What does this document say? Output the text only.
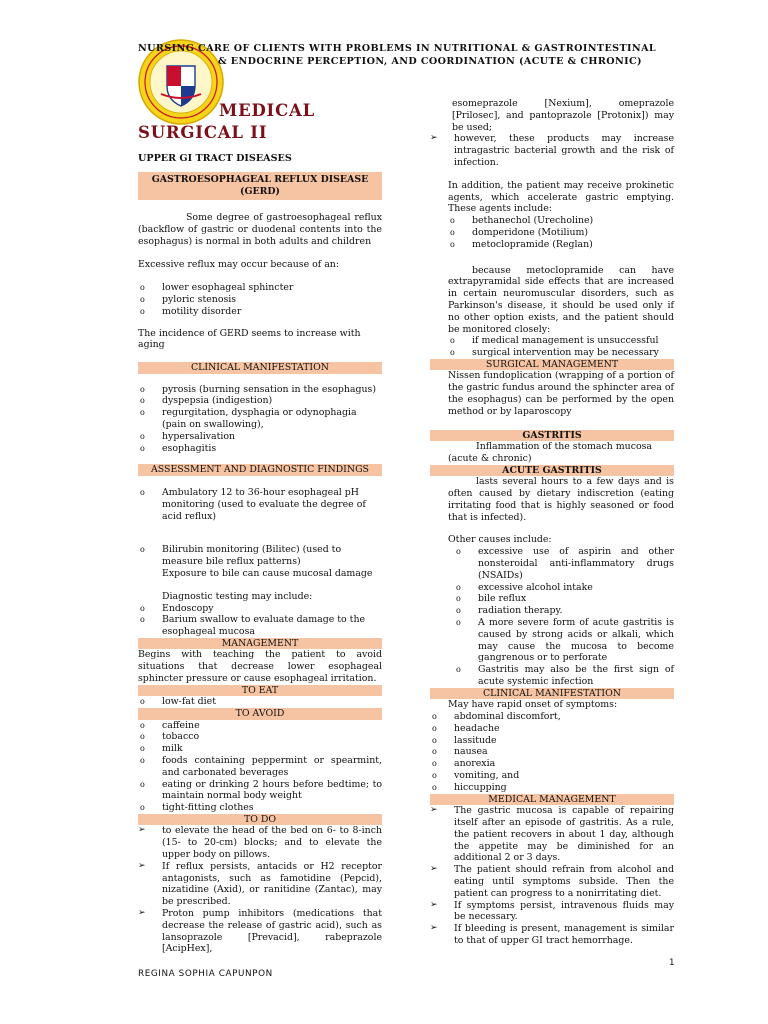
NURSING CARE OF CLIENTS WITH PROBLEMS IN NUTRITIONAL & GASTROINTESTINAL
& ENDOCRINE PERCEPTION, AND COORDINATION (ACUTE & CHRONIC)
MEDICAL
SURGICAL II
UPPER GI TRACT DISEASES
GASTROESOPHAGEAL REFLUX DISEASE (GERD)

Some degree of gastroesophageal reflux (backflow of gastric or duodenal contents into the esophagus) is normal in both adults and children

Excessive reflux may occur because of an:

o lower esophageal sphincter
o pyloric stenosis
o motility disorder

The incidence of GERD seems to increase with aging

CLINICAL MANIFESTATION
o pyrosis (burning sensation in the esophagus)
o dyspepsia (indigestion)
o regurgitation, dysphagia or odynophagia (pain on swallowing),
o hypersalivation
o esophagitis
ASSESSMENT AND DIAGNOSTIC FINDINGS
o Ambulatory 12 to 36-hour esophageal pH monitoring (used to evaluate the degree of acid reflux)
o Bilirubin monitoring (Bilitec) (used to measure bile reflux patterns)
Exposure to bile can cause mucosal damage

Diagnostic testing may include:

o Endoscopy
o Barium swallow to evaluate damage to the esophageal mucosa
MANAGEMENT

Begins with teaching the patient to avoid situations that decrease lower esophageal sphincter pressure or cause esophageal irritation.

TO EAT
o low-fat diet
TO AVOID
o caffeine
o tobacco
o milk
o foods containing peppermint or spearmint, and carbonated beverages
o eating or drinking 2 hours before bedtime; to maintain normal body weight
o tight-fitting clothes
TO DO
➢ to elevate the head of the bed on 6- to 8-inch (15- to 20-cm) blocks; and to elevate the upper body on pillows.
➢ If reflux persists, antacids or H2 receptor antagonists, such as famotidine (Pepcid), nizatidine (Axid), or ranitidine (Zantac), may be prescribed.
➢ Proton pump inhibitors (medications that decrease the release of gastric acid), such as lansoprazole [Prevacid], rabeprazole [AcipHex],

esomeprazole [Nexium], omeprazole [Prilosec], and pantoprazole [Protonix]) may be used;

➢ however, these products may increase intragastric bacterial growth and the risk of infection.

In addition, the patient may receive prokinetic agents, which accelerate gastric emptying. These agents include:

o bethanechol (Urecholine)
o domperidone (Motilium)
o metoclopramide (Reglan)

because metoclopramide can have extrapyramidal side effects that are increased in certain neuromuscular disorders, such as Parkinson's disease, it should be used only if no other option exists, and the patient should be monitored closely:

o if medical management is unsuccessful
o surgical intervention may be necessary
SURGICAL MANAGEMENT

Nissen fundoplication (wrapping of a portion of the gastric fundus around the sphincter area of the esophagus) can be performed by the open method or by laparoscopy

GASTRITIS

Inflammation of the stomach mucosa

(acute & chronic)

ACUTE GASTRITIS

lasts several hours to a few days and is often caused by dietary indiscretion (eating irritating food that is highly seasoned or food that is infected).

Other causes include:

o excessive use of aspirin and other nonsteroidal anti-inflammatory drugs (NSAIDs)
o excessive alcohol intake
o bile reflux
o radiation therapy.
o A more severe form of acute gastritis is caused by strong acids or alkali, which may cause the mucosa to become gangrenous or to perforate
o Gastritis may also be the first sign of acute systemic infection
CLINICAL MANIFESTATION

May have rapid onset of symptoms:

o abdominal discomfort,
o headache
o lassitude
o nausea
o anorexia
o vomiting, and
o hiccupping
MEDICAL MANAGEMENT
➢ The gastric mucosa is capable of repairing itself after an episode of gastritis. As a rule, the patient recovers in about 1 day, although the appetite may be diminished for an additional 2 or 3 days.
➢ The patient should refrain from alcohol and eating until symptoms subside. Then the patient can progress to a nonirritating diet.
➢ If symptoms persist, intravenous fluids may be necessary.
➢ If bleeding is present, management is similar to that of upper GI tract hemorrhage.
1
REGINA SOPHIA CAPUNPON
